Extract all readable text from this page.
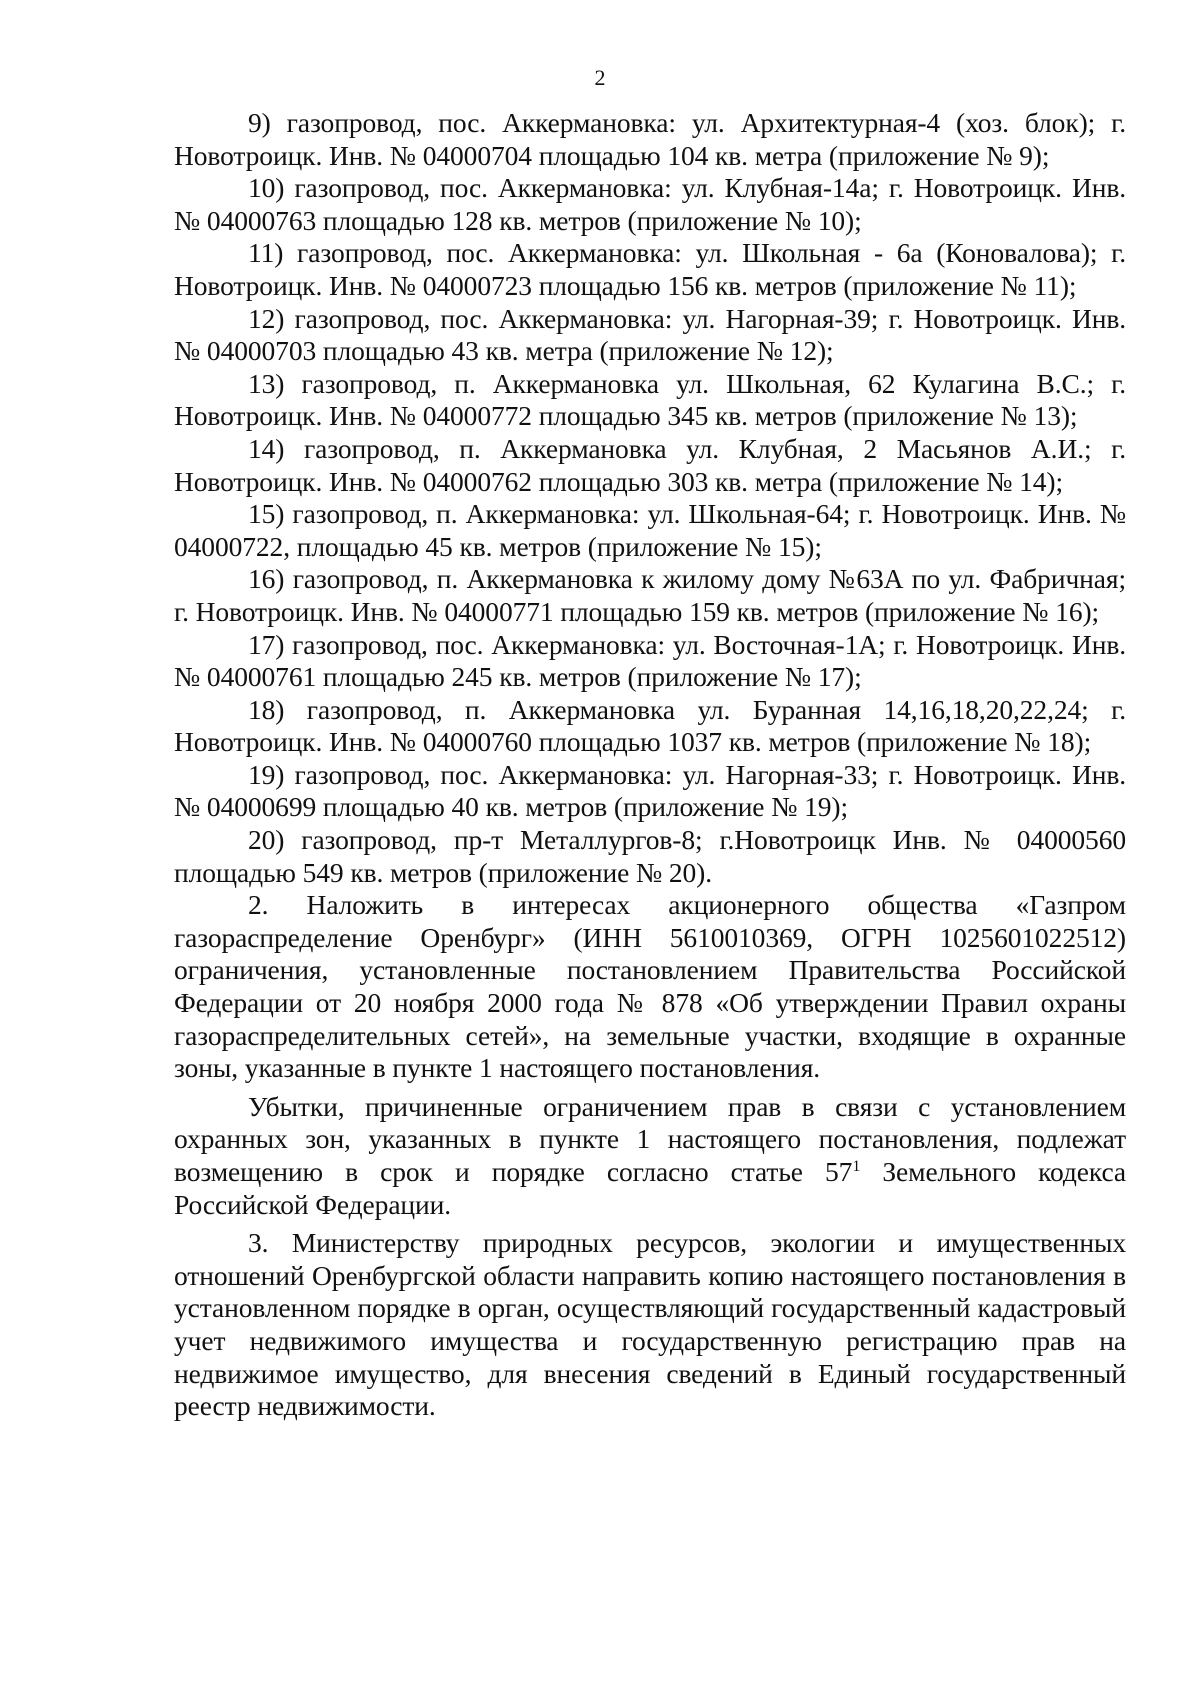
2

9) газопровод, пос. Аккермановка: ул. Архитектурная-4 (хоз. блок); г. Новотроицк. Инв. № 04000704 площадью 104 кв. метра (приложение № 9);

10) газопровод, пос. Аккермановка: ул. Клубная-14а; г. Новотроицк. Инв. № 04000763 площадью 128 кв. метров (приложение № 10);

11) газопровод, пос. Аккермановка: ул. Школьная - 6а (Коновалова); г. Новотроицк. Инв. № 04000723 площадью 156 кв. метров (приложение № 11);

12) газопровод, пос. Аккермановка: ул. Нагорная-39; г. Новотроицк. Инв. № 04000703 площадью 43 кв. метра (приложение № 12);

13) газопровод, п. Аккермановка ул. Школьная, 62 Кулагина В.С.; г. Новотроицк. Инв. № 04000772 площадью 345 кв. метров (приложение № 13);

14) газопровод, п. Аккермановка ул. Клубная, 2 Масьянов А.И.; г. Новотроицк. Инв. № 04000762 площадью 303 кв. метра (приложение № 14);

15) газопровод, п. Аккермановка: ул. Школьная-64; г. Новотроицк. Инв. № 04000722, площадью 45 кв. метров (приложение № 15);

16) газопровод, п. Аккермановка к жилому дому №63А по ул. Фабричная; г. Новотроицк. Инв. № 04000771 площадью 159 кв. метров (приложение № 16);

17) газопровод, пос. Аккермановка: ул. Восточная-1А; г. Новотроицк. Инв. № 04000761 площадью 245 кв. метров (приложение № 17);

18) газопровод, п. Аккермановка ул. Буранная 14,16,18,20,22,24; г. Новотроицк. Инв. № 04000760 площадью 1037 кв. метров (приложение № 18);

19) газопровод, пос. Аккермановка: ул. Нагорная-33; г. Новотроицк. Инв. № 04000699 площадью 40 кв. метров (приложение № 19);

20) газопровод, пр-т Металлургов-8; г.Новотроицк Инв. № 04000560 площадью 549 кв. метров (приложение № 20).

2. Наложить в интересах акционерного общества «Газпром газораспределение Оренбург» (ИНН 5610010369, ОГРН 1025601022512) ограничения, установленные постановлением Правительства Российской Федерации от 20 ноября 2000 года № 878 «Об утверждении Правил охраны газораспределительных сетей», на земельные участки, входящие в охранные зоны, указанные в пункте 1 настоящего постановления.

Убытки, причиненные ограничением прав в связи с установлением охранных зон, указанных в пункте 1 настоящего постановления, подлежат возмещению в срок и порядке согласно статье $57^1$ Земельного кодекса Российской Федерации.

3. Министерству природных ресурсов, экологии и имущественных отношений Оренбургской области направить копию настоящего постановления в установленном порядке в орган, осуществляющий государственный кадастровый учет недвижимого имущества и государственную регистрацию прав на недвижимое имущество, для внесения сведений в Единый государственный реестр недвижимости.
